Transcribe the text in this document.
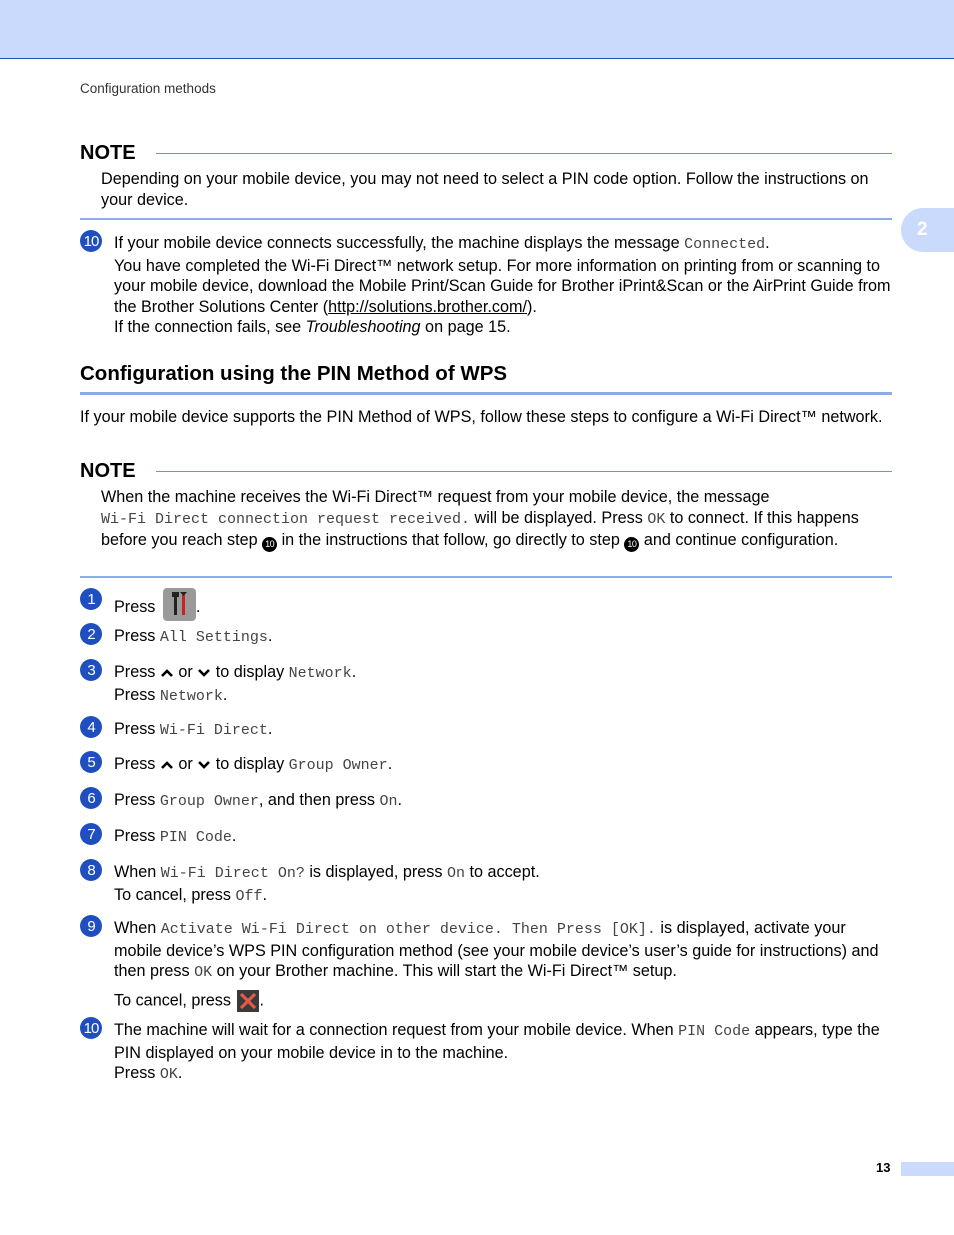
Configuration methods
2
NOTE
Depending on your mobile device, you may not need to select a PIN code option. Follow the instructions on your device.
10 If your mobile device connects successfully, the machine displays the message Connected.
You have completed the Wi-Fi Direct™ network setup. For more information on printing from or scanning to your mobile device, download the Mobile Print/Scan Guide for Brother iPrint&Scan or the AirPrint Guide from the Brother Solutions Center (http://solutions.brother.com/).
If the connection fails, see Troubleshooting on page 15.
Configuration using the PIN Method of WPS
If your mobile device supports the PIN Method of WPS, follow these steps to configure a Wi-Fi Direct™ network.
NOTE
When the machine receives the Wi-Fi Direct™ request from your mobile device, the message
Wi-Fi Direct connection request received. will be displayed. Press OK to connect. If this happens before you reach step 10 in the instructions that follow, go directly to step 10 and continue configuration.
1	Press .
2	Press All Settings.
3	Press  or  to display Network.
Press Network.
4	Press Wi-Fi Direct.
5	Press  or  to display Group Owner.
6	Press Group Owner, and then press On.
7	Press PIN Code.
8	When Wi-Fi Direct On? is displayed, press On to accept.
To cancel, press Off.
9	When Activate Wi-Fi Direct on other device. Then Press [OK]. is displayed, activate your mobile device’s WPS PIN configuration method (see your mobile device’s user’s guide for instructions) and then press OK on your Brother machine. This will start the Wi-Fi Direct™ setup.
To cancel, press .
10 The machine will wait for a connection request from your mobile device. When PIN Code appears, type the PIN displayed on your mobile device in to the machine.
Press OK.
13
